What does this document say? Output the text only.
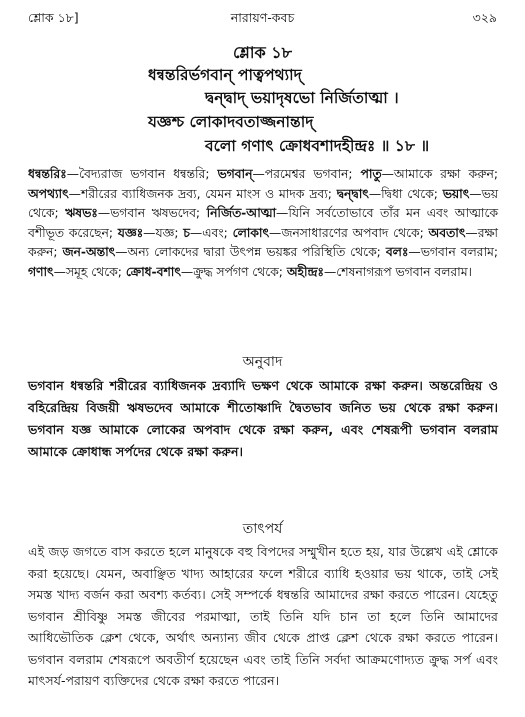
শ্লোক ১৮]	নারায়ণ-কবচ	৩২৯
শ্লোক ১৮
ধন্বন্তরির্ভগবান্ পাত্বপথ্যাদ্
দ্বন্দ্বাদ্ ভয়াদৃষভো নির্জিতাত্মা ।
যজ্ঞশ্চ লোকাদবতাজ্জনান্তাদ্
বলো গণাৎ ক্রোধবশাদহীন্দ্রঃ ॥ ১৮ ॥
ধন্বন্তরিঃ—বৈদ্যরাজ ভগবান ধন্বন্তরি; ভগবান্—পরমেশ্বর ভগবান; পাতু—আমাকে রক্ষা করুন; অপথ্যাৎ—শরীরের ব্যাধিজনক দ্রব্য, যেমন মাংস ও মাদক দ্রব্য; দ্বন্দ্বাৎ—দ্বিধা থেকে; ভয়াৎ—ভয় থেকে; ঋষভঃ—ভগবান ঋষভদেব; নির্জিত-আত্মা—যিনি সর্বতোভাবে তাঁর মন এবং আত্মাকে বশীভূত করেছেন; যজ্ঞঃ—যজ্ঞ; চ—এবং; লোকাৎ—জনসাধারণের অপবাদ থেকে; অবতাৎ—রক্ষা করুন; জন-অন্তাৎ—অন্য লোকদের দ্বারা উৎপন্ন ভয়ঙ্কর পরিস্থিতি থেকে; বলঃ—ভগবান বলরাম; গণাৎ—সমূহ থেকে; ক্রোধ-বশাৎ—ক্রুদ্ধ সর্পগণ থেকে; অহীন্দ্রঃ—শেষনাগরূপ ভগবান বলরাম।
অনুবাদ
ভগবান ধন্বন্তরি শরীরের ব্যাধিজনক দ্রব্যাদি ভক্ষণ থেকে আমাকে রক্ষা করুন। অন্তরেন্দ্রিয় ও বহিরেন্দ্রিয় বিজয়ী ঋষভদেব আমাকে শীতোষ্ণাদি দ্বৈতভাব জনিত ভয় থেকে রক্ষা করুন। ভগবান যজ্ঞ আমাকে লোকের অপবাদ থেকে রক্ষা করুন, এবং শেষরূপী ভগবান বলরাম আমাকে ক্রোধান্ধ সর্পদের থেকে রক্ষা করুন।
তাৎপর্য
এই জড় জগতে বাস করতে হলে মানুষকে বহু বিপদের সম্মুখীন হতে হয়, যার উল্লেখ এই শ্লোকে করা হয়েছে। যেমন, অবাঞ্ছিত খাদ্য আহারের ফলে শরীরে ব্যাধি হওয়ার ভয় থাকে, তাই সেই সমস্ত খাদ্য বর্জন করা অবশ্য কর্তব্য। সেই সম্পর্কে ধন্বন্তরি আমাদের রক্ষা করতে পারেন। যেহেতু ভগবান শ্রীবিষ্ণু সমস্ত জীবের পরমাত্মা, তাই তিনি যদি চান তা হলে তিনি আমাদের আধিভৌতিক ক্লেশ থেকে, অর্থাৎ অন্যান্য জীব থেকে প্রাপ্ত ক্লেশ থেকে রক্ষা করতে পারেন। ভগবান বলরাম শেষরূপে অবতীর্ণ হয়েছেন এবং তাই তিনি সর্বদা আক্রমণোদ্যত ক্রুদ্ধ সর্প এবং মাৎসর্য-পরায়ণ ব্যক্তিদের থেকে রক্ষা করতে পারেন।
